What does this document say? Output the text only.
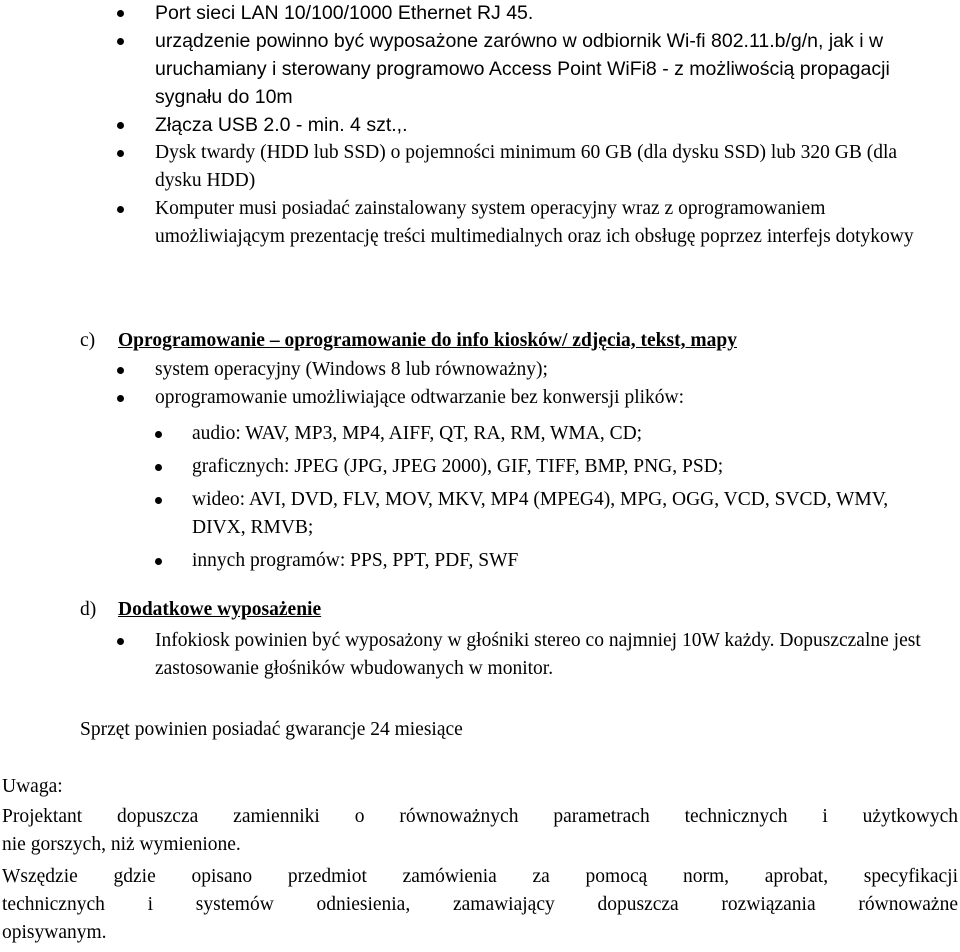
Port sieci LAN 10/100/1000 Ethernet RJ 45.
urządzenie powinno być wyposażone zarówno w odbiornik Wi-fi 802.11.b/g/n, jak i w uruchamiany i sterowany programowo Access Point WiFi8 - z możliwością propagacji sygnału do 10m
Złącza USB 2.0 - min. 4 szt.,.
Dysk twardy (HDD lub SSD) o pojemności minimum 60 GB (dla dysku SSD) lub 320 GB (dla dysku HDD)
Komputer musi posiadać zainstalowany system operacyjny wraz z oprogramowaniem umożliwiającym prezentację treści multimedialnych oraz ich obsługę poprzez interfejs dotykowy
c) Oprogramowanie – oprogramowanie do info kiosków/ zdjęcia, tekst, mapy
system operacyjny (Windows 8 lub równoważny);
oprogramowanie umożliwiające odtwarzanie bez konwersji plików:
audio: WAV, MP3, MP4, AIFF, QT, RA, RM, WMA, CD;
graficznych: JPEG (JPG, JPEG 2000), GIF, TIFF, BMP, PNG, PSD;
wideo: AVI, DVD, FLV, MOV, MKV, MP4 (MPEG4), MPG, OGG, VCD, SVCD, WMV, DIVX, RMVB;
innych programów: PPS, PPT, PDF, SWF
d) Dodatkowe wyposażenie
Infokiosk powinien być wyposażony w głośniki stereo co najmniej 10W każdy. Dopuszczalne jest zastosowanie głośników wbudowanych w monitor.
Sprzęt powinien posiadać gwarancje 24 miesiące
Uwaga:
Projektant dopuszcza zamienniki o równoważnych parametrach technicznych i użytkowych
nie gorszych, niż wymienione.
Wszędzie gdzie opisano przedmiot zamówienia za pomocą norm, aprobat, specyfikacji
technicznych i systemów odniesienia, zamawiający dopuszcza rozwiązania równoważne
opisywanym.
